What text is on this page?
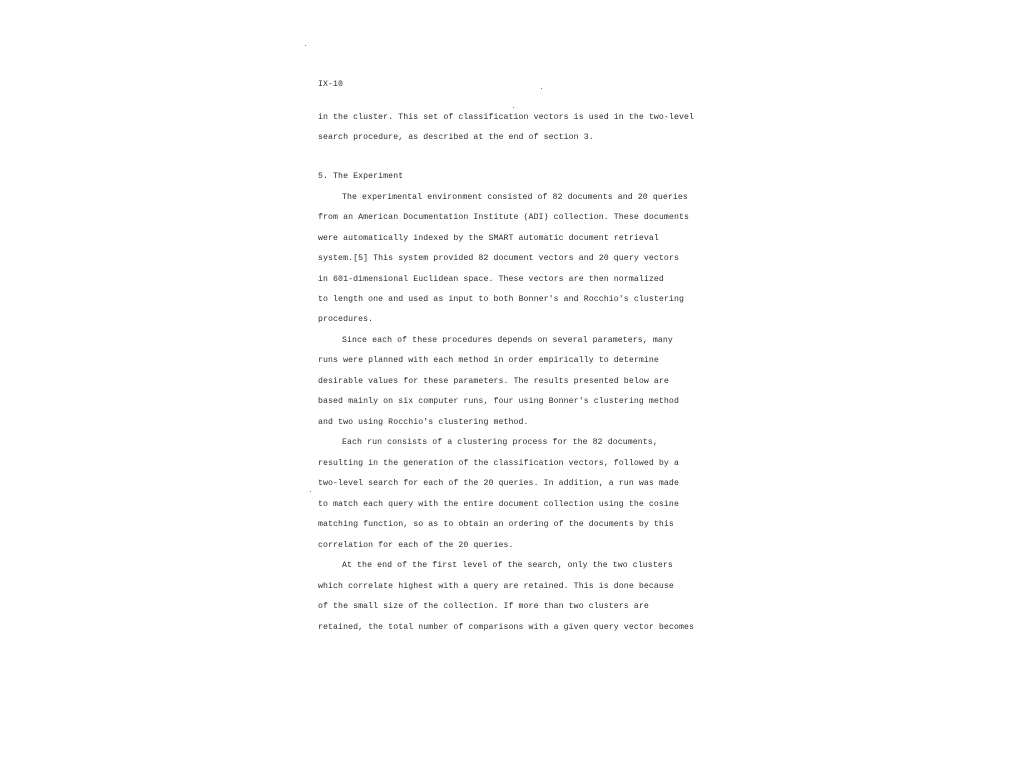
IX-10
in the cluster. This set of classification vectors is used in the two-level
search procedure, as described at the end of section 3.
5. The Experiment
The experimental environment consisted of 82 documents and 20 queries
from an American Documentation Institute (ADI) collection. These documents
were automatically indexed by the SMART automatic document retrieval
system.[5] This system provided 82 document vectors and 20 query vectors
in 601-dimensional Euclidean space. These vectors are then normalized
to length one and used as input to both Bonner's and Rocchio's clustering
procedures.
Since each of these procedures depends on several parameters, many
runs were planned with each method in order empirically to determine
desirable values for these parameters. The results presented below are
based mainly on six computer runs, four using Bonner's clustering method
and two using Rocchio's clustering method.
Each run consists of a clustering process for the 82 documents,
resulting in the generation of the classification vectors, followed by a
two-level search for each of the 20 queries. In addition, a run was made
to match each query with the entire document collection using the cosine
matching function, so as to obtain an ordering of the documents by this
correlation for each of the 20 queries.
At the end of the first level of the search, only the two clusters
which correlate highest with a query are retained. This is done because
of the small size of the collection. If more than two clusters are
retained, the total number of comparisons with a given query vector becomes
